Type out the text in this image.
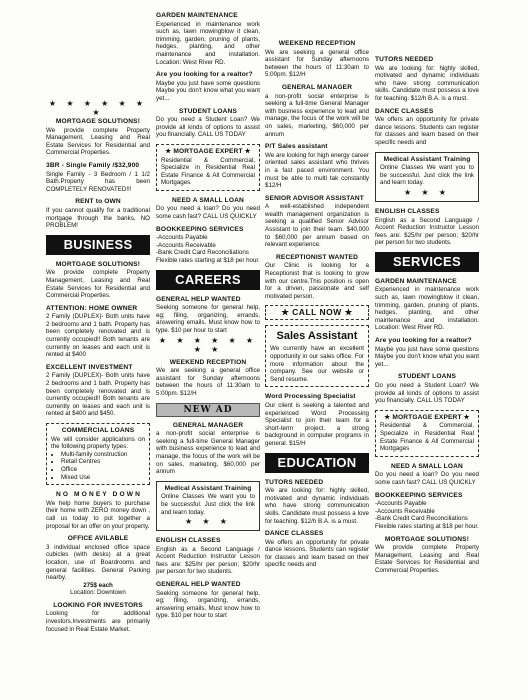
★ ★ ★ ★ ★ ★ ★
MORTGAGE SOLUTIONS!

We provide complete Property Management, Leasing and Real Estate Services for Residential and Commercial Properties.

3BR - Single Family /$32,900

Single Family - 3 Bedroom / 1 1/2 Bath.Property has been COMPLETELY RENOVATED!!!

RENT to OWN

If you cannot qualify for a traditional mortgage through the banks, NO PROBLEM!

BUSINESS
MORTGAGE SOLUTIONS!

We provide complete Property Management, Leasing and Real Estate Services for Residential and Commercial Properties.

ATTENTION: HOME OWNER

2 Family (DUPLEX)- Both units have 2 bedrooms and 1 bath. Property has been completely renovated and is currently occupied!! Both tenants are currently on leases and each unit is rented at $400

EXCELLENT INVESTMENT

2 Family (DUPLEX)- Both units have 2 bedrooms and 1 bath. Property has been completely renovated and is currently occupied!! Both tenants are currently on leases and each unit is rented at $400 and $450.

COMMERCIAL LOANS

We will consider applications on the following property types:

• Multi-family construction
• Retail Centres
• Office
• Mixed Use
N O   M O N E Y   D O W N

We help home buyers to purchase their home with ZERO money down , call us today to put together a proposal for an offer on your property.

OFFICE AVILABLE

3 individual enclosed office space cubicles (with desks) at a great location, use of Boardrooms and general facilities. General Parking nearby.

275$ each

Location: Downtown

LOOKING FOR INVESTORS

Looking for additional investors.Investments are primarily focused in Real Estate Market.

GARDEN MAINTENANCE

Experienced in maintenance work such as, lawn mowingblow it clean, trimming, garden, pruning of plants, hedges, planting, and other maintenance and installation. Location: West River RD.

Are you looking for a realtor?

Maybe you just have some questions Maybe you don't know what you want yet...

STUDENT LOANS

Do you need a Student Loan? We provide all kinds of options to assist you financially. CALL US TODAY

★ MORTGAGE EXPERT ★

Residential & Commercial, Specialize in Residential Real Estate Finance & All Commercial Mortgages

NEED A SMALL LOAN

Do you need a loan? Do you need some cash fast? CALL US QUICKLY

BOOKKEEPING SERVICES

-Accounts Payable

-Accounts Receivable

-Bank Credit Card Reconciliations

Flexible rates starting at $18 per hour.

CAREERS
GENERAL HELP WANTED

Seeking someone for general help, eg; filing, organizing, errands, answering emails. Must know how to type. $10 per hour to start

★ ★ ★ ★ ★ ★ ★ ★
WEEKEND RECEPTION

We are seeking a general office assistant for Sunday afternoons between the hours of 11:30am to 5:00pm. $12/H

NEW AD
GENERAL MANAGER

a non-profit social enterprise is seeking a full-time General Manager with business experience to lead and manage, the focus of the work will be on sales, marketing, $60,000 per annum

Medical Assistant Training

Online Classes We want you to be successful. Just click the link and learn today.

★ ★ ★
ENGLISH CLASSES

English as a Second Language / Accent Reduction Instructor Lesson fees are: $25/hr per person; $20/hr per person for two students.

GENERAL HELP WANTED

Seeking someone for general help, eg; filing, organizing, errands, answering emails. Must know how to type. $10 per hour to start

WEEKEND RECEPTION

We are seeking a general office assistant for Sunday afternoons between the hours of 11:30am to 5:00pm. $12/H

GENERAL MANAGER

a non-profit social enterprise is seeking a full-time General Manager with business experience to lead and manage, the focus of the work will be on sales, marketing, $60,000 per annum

P/T Sales assistant

We are looking for high energy career oriented sales assistant who thrives in a fast paced environment. You must be able to multi tak constantly $12/H

SENIOR ADVISOR ASSISTANT

A well-established independent wealth management organization is seeking a qualified Senior Advisor Assistant to join their team. $40,000 to $60,000 per annum based on relevant experience.

RECEPTIONIST WANTED

Our Clinic is looking for a Receptionist that is looking to grow with our centre.This position is open for a driven, passionate and self motivated person.

★ CALL NOW ★
Sales Assistant

We currently have an excellent opportunity in our sales office. For more information about the company. See our website or Send resume.

Word Processing Specialist

Our client is seeking a talented and experienced Word Processing Specialist to join their team for a short-term project. a strong background in computer programs in general. $15/H

EDUCATION
TUTORS NEEDED

We are looking for: highly skilled, motivated and dynamic individuals who have strong communication skills. Candidate must possess a love for teaching. $12/h B.A. is a must.

DANCE CLASSES

We offers an opportunity for private dance lessons. Students can register for classes and learn based on their specific needs and

TUTORS NEEDED

We are looking for: highly skilled, motivated and dynamic individuals who have strong communication skills. Candidate must possess a love for teaching. $12/h B.A. is a must.

DANCE CLASSES

We offers an opportunity for private dance lessons. Students can register for classes and learn based on their specific needs and

Medical Assistant Training

Online Classes We want you to be successful. Just click the link and learn today.

★ ★ ★
ENGLISH CLASSES

English as a Second Language / Accent Reduction Instructor Lesson fees are: $25/hr per person; $20/hr per person for two students.

SERVICES
GARDEN MAINTENANCE

Experienced in maintenance work such as, lawn mowingblow it clean, trimming, garden, pruning of plants, hedges, planting, and other maintenance and installation. Location: West River RD.

Are you looking for a realtor?

Maybe you just have some questions Maybe you don't know what you want yet...

STUDENT LOANS

Do you need a Student Loan? We provide all kinds of options to assist you financially. CALL US TODAY

★ MORTGAGE EXPERT ★

Residential & Commercial, Specialize in Residential Real Estate Finance & All Commercial Mortgages

NEED A SMALL LOAN

Do you need a loan? Do you need some cash fast? CALL US QUICKLY

BOOKKEEPING SERVICES

-Accounts Payable

-Accounts Receivable

-Bank Credit Card Reconciliations

Flexible rates starting at $18 per hour.

MORTGAGE SOLUTIONS!

We provide complete Property Management, Leasing and Real Estate Services for Residential and Commercial Properties.
